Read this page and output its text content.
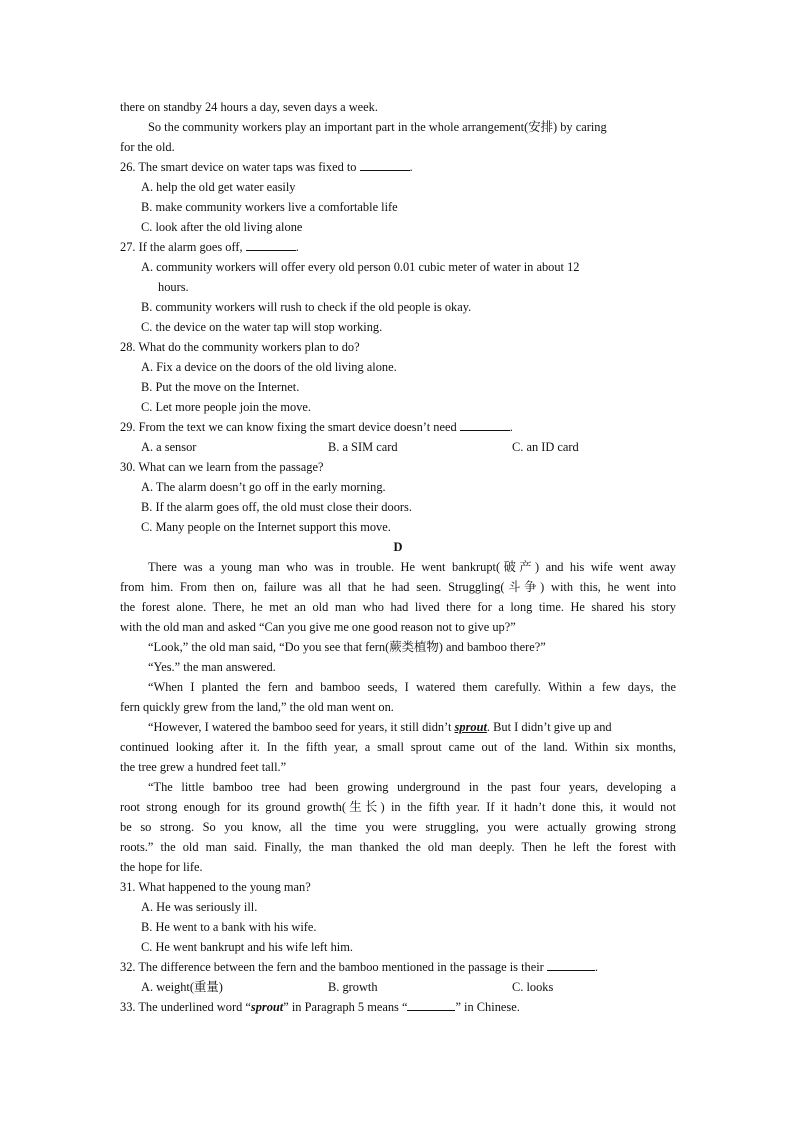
there on standby 24 hours a day, seven days a week.
So the community workers play an important part in the whole arrangement(安排) by caring
for the old.
26. The smart device on water taps was fixed to	.
A. help the old get water easily
B. make community workers live a comfortable life
C. look after the old living alone
27. If the alarm goes off,	.
A. community workers will offer every old person 0.01 cubic meter of water in about 12
hours.
B. community workers will rush to check if the old people is okay.
C. the device on the water tap will stop working.
28. What do the community workers plan to do?
A. Fix a device on the doors of the old living alone.
B. Put the move on the Internet.
C. Let more people join the move.
29. From the text we can know fixing the smart device doesn’t need	.
A. a sensor	B. a SIM card	C. an ID card
30. What can we learn from the passage?
A. The alarm doesn’t go off in the early morning.
B. If the alarm goes off, the old must close their doors.
C. Many people on the Internet support this move.
D
There was a young man who was in trouble. He went bankrupt(破产) and his wife went away
from him. From then on, failure was all that he had seen. Struggling(斗争) with this, he went into
the forest alone. There, he met an old man who had lived there for a long time. He shared his story
with the old man and asked “Can you give me one good reason not to give up?”
“Look,” the old man said, “Do you see that fern(蕨类植物) and bamboo there?”
“Yes.” the man answered.
“When I planted the fern and bamboo seeds, I watered them carefully. Within a few days, the
fern quickly grew from the land,” the old man went on.
“However, I watered the bamboo seed for years, it still didn’t sprout. But I didn’t give up and
continued looking after it. In the fifth year, a small sprout came out of the land. Within six months,
the tree grew a hundred feet tall.”
“The little bamboo tree had been growing underground in the past four years, developing a
root strong enough for its ground growth(生长) in the fifth year. If it hadn’t done this, it would not
be so strong. So you know, all the time you were struggling, you were actually growing strong
roots.” the old man said. Finally, the man thanked the old man deeply. Then he left the forest with
the hope for life.
31. What happened to the young man?
A. He was seriously ill.
B. He went to a bank with his wife.
C. He went bankrupt and his wife left him.
32. The difference between the fern and the bamboo mentioned in the passage is their	.
A. weight(重量)	B. growth	C. looks
33. The underlined word “sprout” in Paragraph 5 means “	” in Chinese.
